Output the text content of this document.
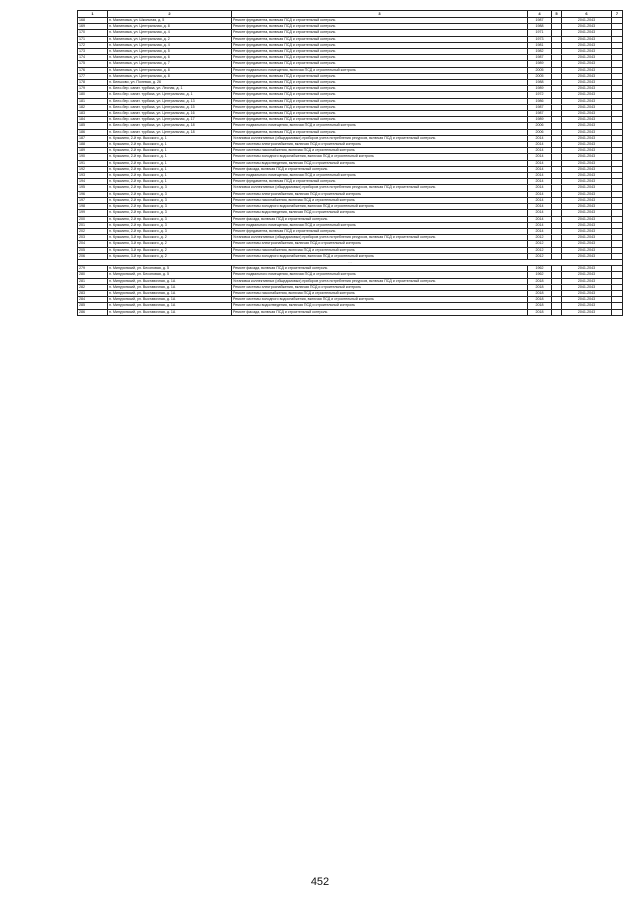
1	2	3	4	5	6	7
168	п. Малиновка, ул. Школьная, д. 5	Ремонт фундамента, включая ПСД и строительный контроль	1987		2041-2043	
169	п. Малиновка, ул. Центральная, д. 8	Ремонт фундамента, включая ПСД и строительный контроль	1988		2041-2043	
170	п. Малиновка, ул. Центральная, д. 4	Ремонт фундамента, включая ПСД и строительный контроль	1971		2041-2043	
171	п. Малиновка, ул. Центральная, д. 2	Ремонт фундамента, включая ПСД и строительный контроль	1973		2041-2043	
172	п. Малиновка, ул. Центральная, д. 4	Ремонт фундамента, включая ПСД и строительный контроль	1981		2041-2043	
173	п. Малиновка, ул. Центральная, д. 5	Ремонт фундамента, включая ПСД и строительный контроль	1982		2041-2043	
174	п. Малиновка, ул. Центральная, д. 6	Ремонт фундамента, включая ПСД и строительный контроль	1987		2041-2043	
175	п. Малиновка, ул. Центральная, д. 7	Ремонт фундамента, включая ПСД и строительный контроль	1989		2041-2043	
176	п. Малиновка, ул. Центральная, д. 8	Ремонт подвального помещения, включая ПСД и строительный контроль	2005		2041-2043	
177	п. Малиновка, ул. Центральная, д. 8	Ремонт фундамента, включая ПСД и строительный контроль	2005		2041-2043	
178	п. Бельково, ул. Полевая, д. 26	Ремонт фундамента, включая ПСД и строительный контроль	1988		2041-2043	
179	п. Бело-бер. санат. турбаза, ул. Лесная, д. 1	Ремонт фундамента, включая ПСД и строительный контроль	1989		2041-2043	
180	п. Бело-бер. санат. турбаза, ул. Центральная, д. 1	Ремонт фундамента, включая ПСД и строительный контроль	1972		2041-2043	
181	п. Бело-бер. санат. турбаза, ул. Центральная, д. 13	Ремонт фундамента, включая ПСД и строительный контроль	1986		2041-2043	
182	п. Бело-бер. санат. турбаза, ул. Центральная, д. 15	Ремонт фундамента, включая ПСД и строительный контроль	1987		2041-2043	
183	п. Бело-бер. санат. турбаза, ул. Центральная, д. 16	Ремонт фундамента, включая ПСД и строительный контроль	1987		2041-2043	
184	п. Бело-бер. санат. турбаза, ул. Центральная, д. 17	Ремонт фундамента, включая ПСД и строительный контроль	1989		2041-2043	
185	п. Бело-бер. санат. турбаза, ул. Центральная, д. 18	Ремонт подвального помещения, включая ПСД и строительный контроль	2006		2041-2043	
186	п. Бело-бер. санат. турбаза, ул. Центральная, д. 18	Ремонт фундамента, включая ПСД и строительный контроль	2006		2041-2043	
187	п. Кузьмино, 2-й пр. Высокого, д. 1	Установка коллективных (общедомовых) приборов учета потребления ресурсов, включая ПСД и строительный контроль	2014		2041-2043	
188	п. Кузьмино, 2-й пр. Высокого, д. 1	Ремонт системы электроснабжения, включая ПСД и строительный контроль	2014		2041-2043	
189	п. Кузьмино, 2-й пр. Высокого, д. 1	Ремонт системы газоснабжения, включая ПСД и строительный контроль	2014		2041-2043	
190	п. Кузьмино, 2-й пр. Высокого, д. 1	Ремонт системы холодного водоснабжения, включая ПСД и строительный контроль	2014		2041-2043	
191	п. Кузьмино, 2-й пр. Высокого, д. 1	Ремонт системы водоотведения, включая ПСД и строительный контроль	2014		2041-2043	
192	п. Кузьмино, 2-й пр. Высокого, д. 1	Ремонт фасада, включая ПСД и строительный контроль	2014		2041-2043	
193	п. Кузьмино, 2-й пр. Высокого, д. 1	Ремонт подвального помещения, включая ПСД и строительный контроль	2014		2041-2043	
194	п. Кузьмино, 2-й пр. Высокого, д. 1	Ремонт фундамента, включая ПСД и строительный контроль	2014		2041-2043	
195	п. Кузьмино, 2-й пр. Высокого, д. 3	Установка коллективных (общедомовых) приборов учета потребления ресурсов, включая ПСД и строительный контроль	2014		2041-2043	
196	п. Кузьмино, 2-й пр. Высокого, д. 3	Ремонт системы электроснабжения, включая ПСД и строительный контроль	2014		2041-2043	
197	п. Кузьмино, 2-й пр. Высокого, д. 3	Ремонт системы газоснабжения, включая ПСД и строительный контроль	2014		2041-2043	
198	п. Кузьмино, 2-й пр. Высокого, д. 3	Ремонт системы холодного водоснабжения, включая ПСД и строительный контроль	2014		2041-2043	
199	п. Кузьмино, 2-й пр. Высокого, д. 3	Ремонт системы водоотведения, включая ПСД и строительный контроль	2014		2041-2043	
200	п. Кузьмино, 2-й пр. Высокого, д. 3	Ремонт фасада, включая ПСД и строительный контроль	2014		2041-2043	
201	п. Кузьмино, 2-й пр. Высокого, д. 3	Ремонт подвального помещения, включая ПСД и строительный контроль	2014		2041-2043	
202	п. Кузьмино, 2-й пр. Высокого, д. 3	Ремонт фундамента, включая ПСД и строительный контроль	2014		2041-2043	
203	п. Кузьмино, 3-й пр. Высокого, д. 2	Установка коллективных (общедомовых) приборов учета потребления ресурсов, включая ПСД и строительный контроль	2012		2041-2043	
204	п. Кузьмино, 3-й пр. Высокого, д. 2	Ремонт системы электроснабжения, включая ПСД и строительный контроль	2012		2041-2043	
205	п. Кузьмино, 3-й пр. Высокого, д. 2	Ремонт системы газоснабжения, включая ПСД и строительный контроль	2012		2041-2043	
206	п. Кузьмино, 3-й пр. Высокого, д. 2	Ремонт системы холодного водоснабжения, включая ПСД и строительный контроль	2012		2041-2043	
…						
279	п. Минуринский, ул. Бесоновая, д. 5	Ремонт фасада, включая ПСД и строительный контроль	1962		2041-2043	
280	п. Минуринский, ул. Бесоновая, д. 5	Ремонт подвального помещения, включая ПСД и строительный контроль	1962		2041-2043	
281	п. Минуринский, ул. Выставочная, д. 1А	Установка коллективных (общедомовых) приборов учета потребления ресурсов, включая ПСД и строительный контроль	2018		2041-2043	
282	п. Минуринский, ул. Выставочная, д. 1А	Ремонт системы электроснабжения, включая ПСД и строительный контроль	2018		2041-2043	
283	п. Минуринский, ул. Выставочная, д. 1А	Ремонт системы газоснабжения, включая ПСД и строительный контроль	2018		2041-2043	
284	п. Минуринский, ул. Выставочная, д. 1А	Ремонт системы холодного водоснабжения, включая ПСД и строительный контроль	2018		2041-2043	
285	п. Минуринский, ул. Выставочная, д. 1А	Ремонт системы водоотведения, включая ПСД и строительный контроль	2018		2041-2043	
286	п. Минуринский, ул. Выставочная, д. 1А	Ремонт фасада, включая ПСД и строительный контроль	2018		2041-2043	
452
